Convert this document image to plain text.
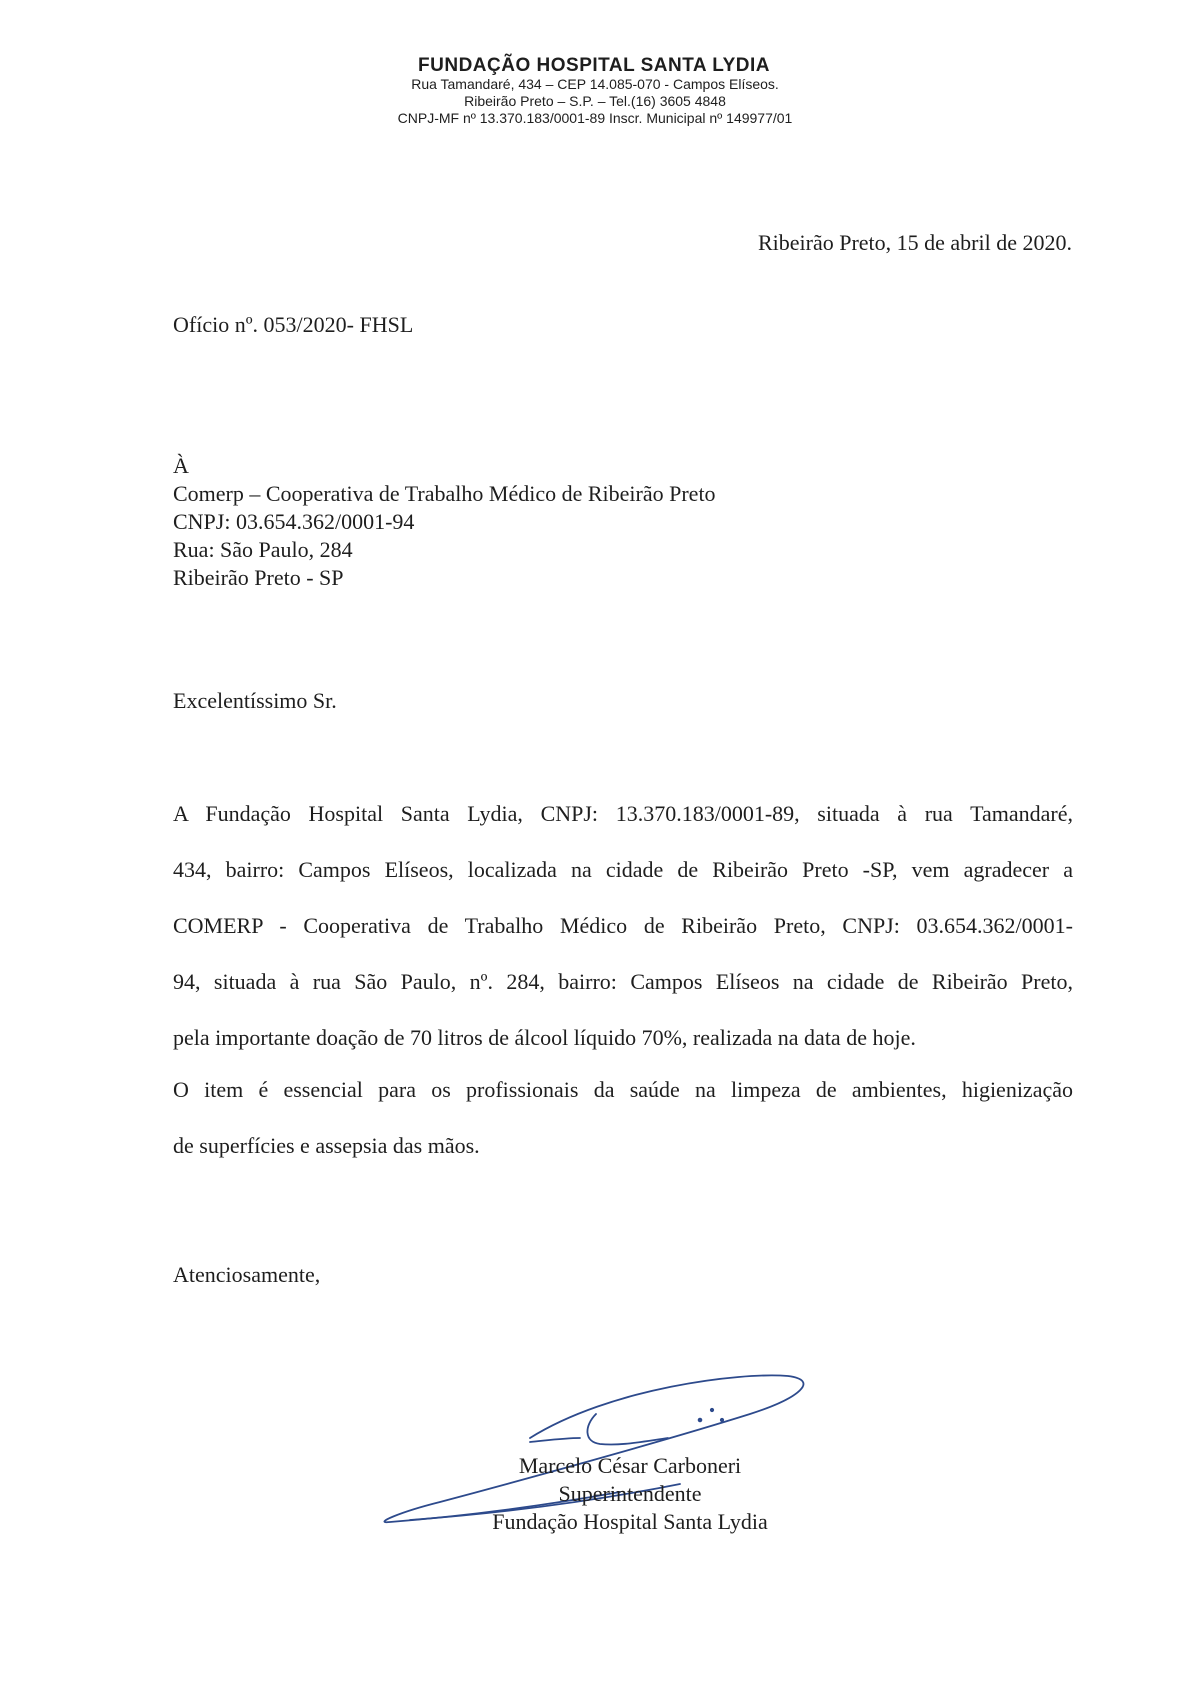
FUNDAÇÃO HOSPITAL SANTA LYDIA
Rua Tamandaré, 434 – CEP 14.085-070 - Campos Elíseos.
Ribeirão Preto – S.P. – Tel.(16) 3605 4848
CNPJ-MF nº 13.370.183/0001-89 Inscr. Municipal nº 149977/01
Ribeirão Preto, 15 de abril de 2020.
Ofício nº. 053/2020- FHSL
À
Comerp – Cooperativa de Trabalho Médico de Ribeirão Preto
CNPJ: 03.654.362/0001-94
Rua: São Paulo, 284
Ribeirão Preto - SP
Excelentíssimo Sr.
A Fundação Hospital Santa Lydia, CNPJ: 13.370.183/0001-89, situada à rua Tamandaré,
434, bairro: Campos Elíseos, localizada na cidade de Ribeirão Preto -SP, vem agradecer a
COMERP - Cooperativa de Trabalho Médico de Ribeirão Preto, CNPJ: 03.654.362/0001-
94, situada à rua São Paulo, nº. 284, bairro: Campos Elíseos na cidade de Ribeirão Preto,
pela importante doação de 70 litros de álcool líquido 70%, realizada na data de hoje.
O item é essencial para os profissionais da saúde na limpeza de ambientes, higienização
de superfícies e assepsia das mãos.
Atenciosamente,
Marcelo César Carboneri
Superintendente
Fundação Hospital Santa Lydia
